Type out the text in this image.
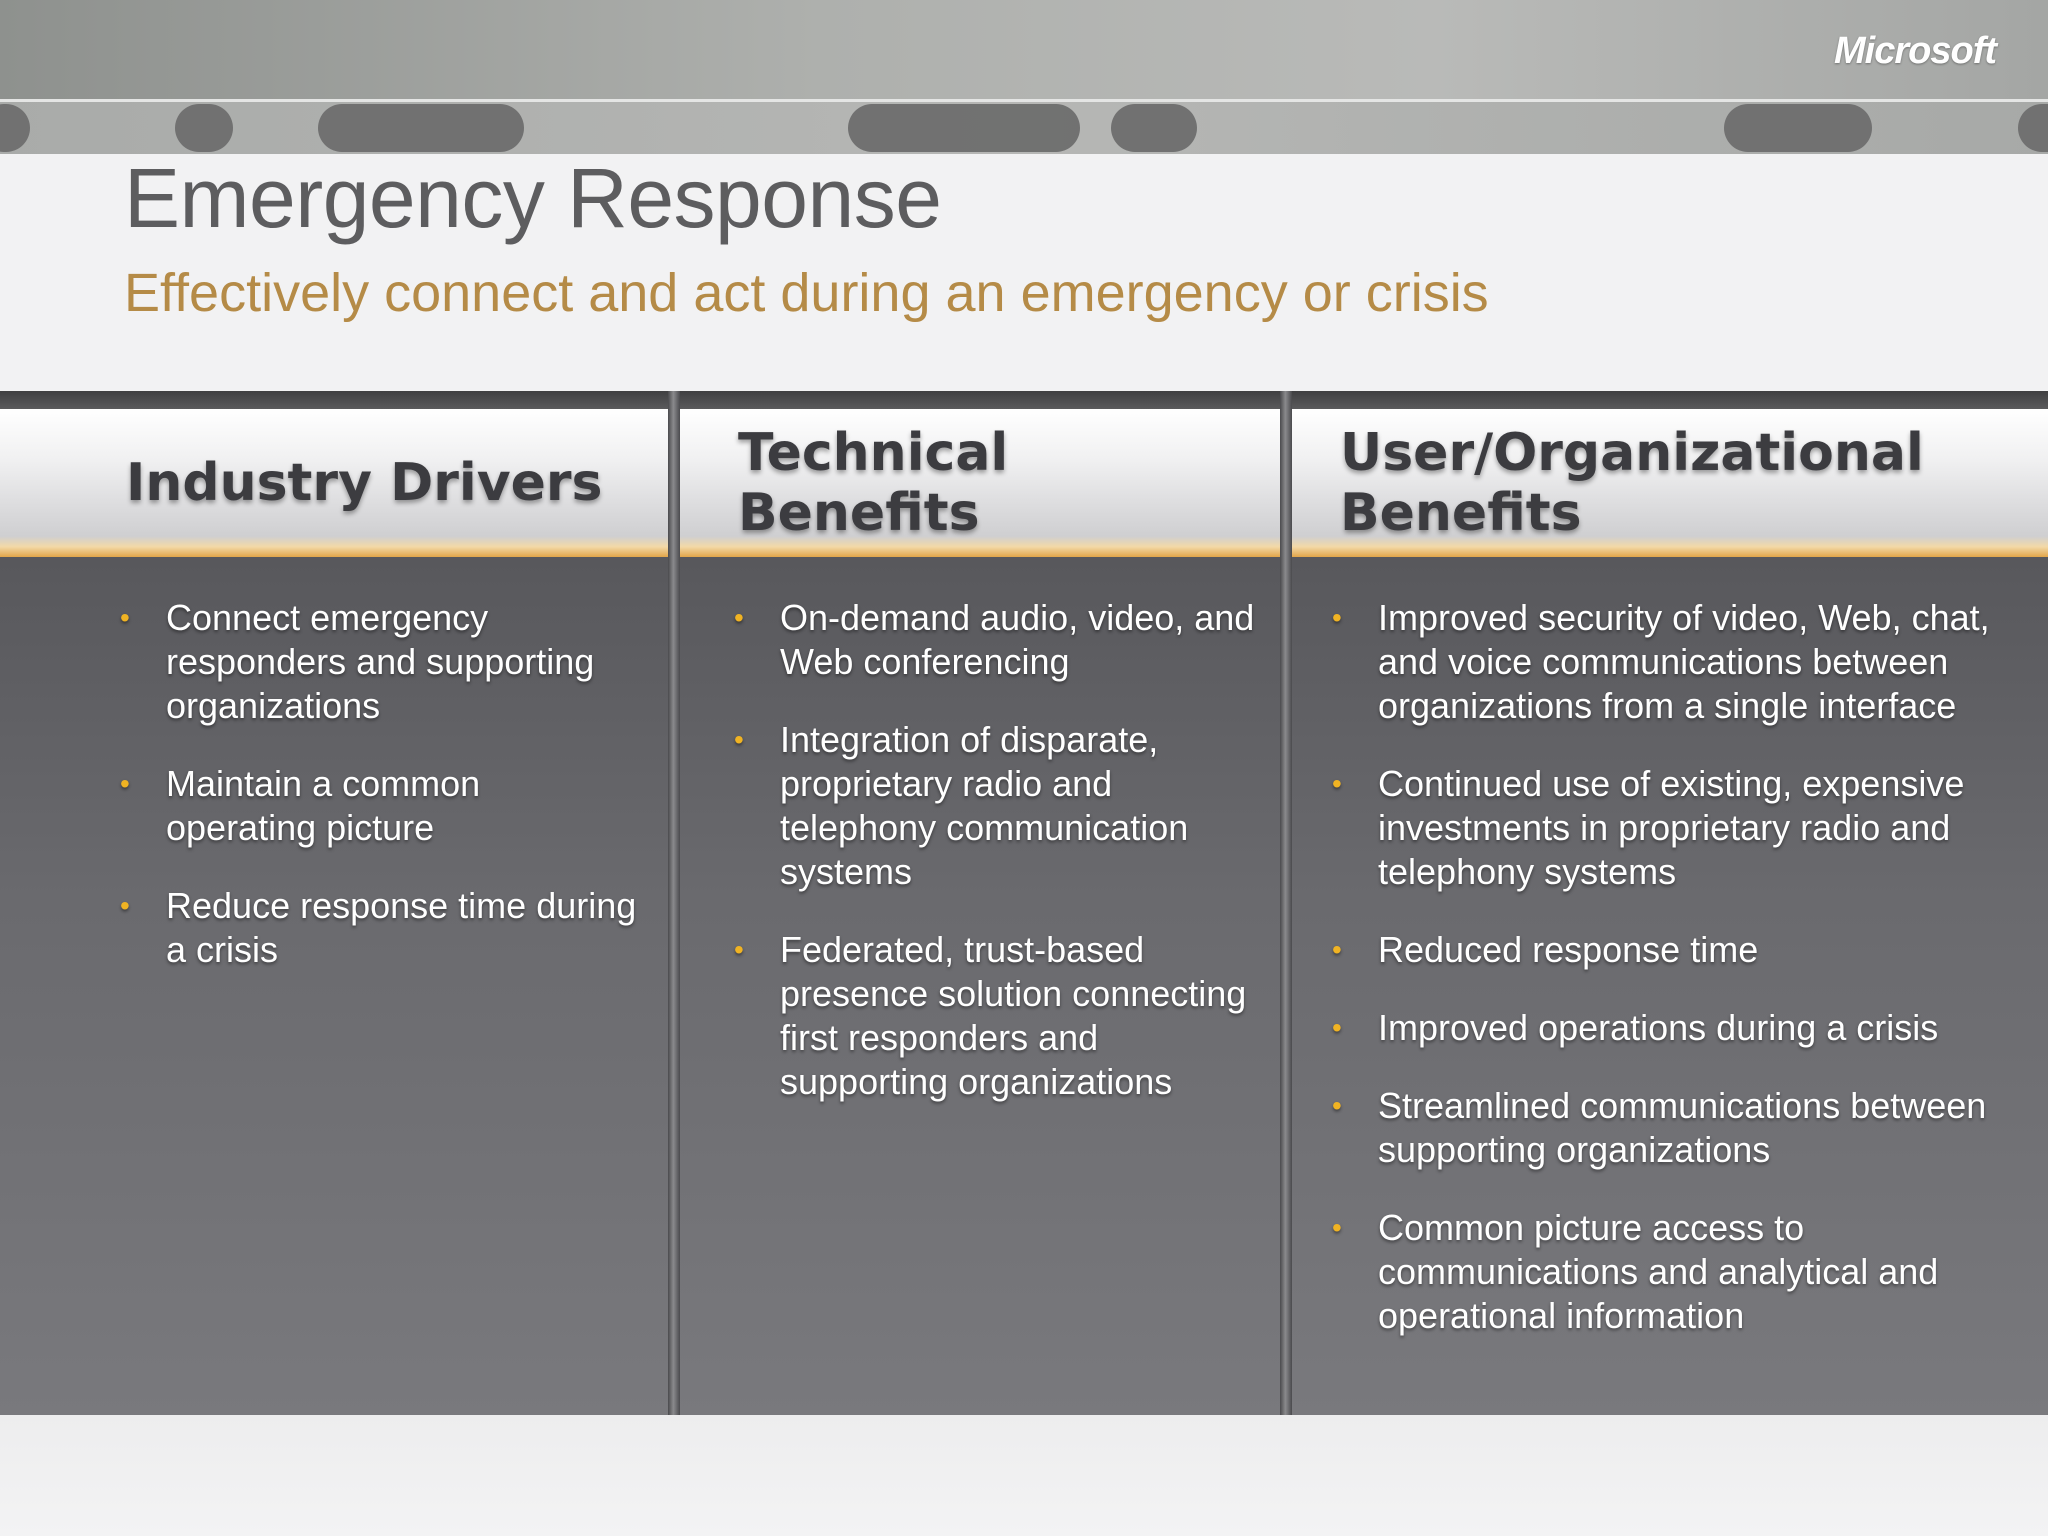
Microsoft
Emergency Response
Effectively connect and act during an emergency or crisis
Industry Drivers
• Connect emergency responders and supporting organizations
• Maintain a common operating picture
• Reduce response time during a crisis
Technical Benefits
• On-demand audio, video, and Web conferencing
• Integration of disparate, proprietary radio and telephony communication systems
• Federated, trust-based presence solution connecting first responders and supporting organizations
User/Organizational Benefits
• Improved security of video, Web, chat, and voice communications between organizations from a single interface
• Continued use of existing, expensive investments in proprietary radio and telephony systems
• Reduced response time
• Improved operations during a crisis
• Streamlined communications between supporting organizations
• Common picture access to communications and analytical and operational information
